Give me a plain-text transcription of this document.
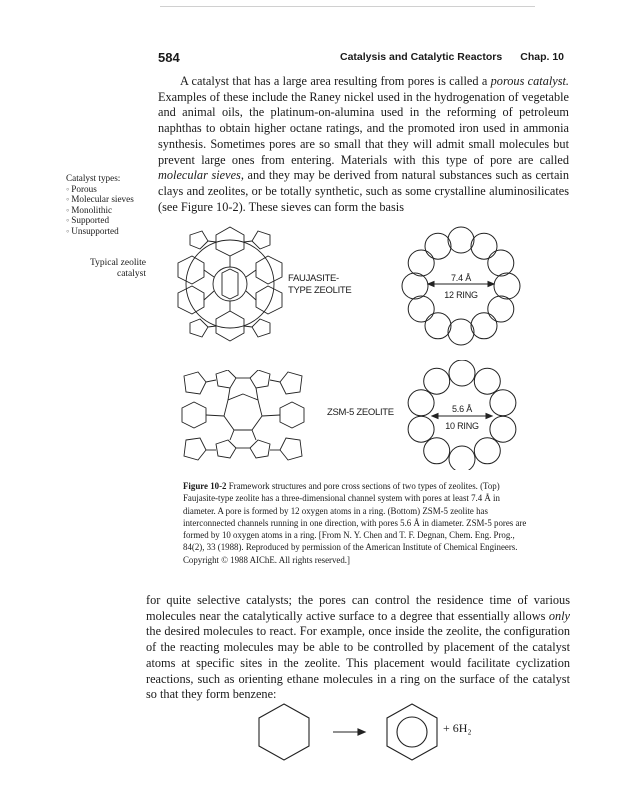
584	Catalysis and Catalytic Reactors Chap. 10
A catalyst that has a large area resulting from pores is called a porous catalyst. Examples of these include the Raney nickel used in the hydrogenation of vegetable and animal oils, the platinum-on-alumina used in the reforming of petroleum naphthas to obtain higher octane ratings, and the promoted iron used in ammonia synthesis. Sometimes pores are so small that they will admit small molecules but prevent large ones from entering. Materials with this type of pore are called molecular sieves, and they may be derived from natural substances such as certain clays and zeolites, or be totally synthetic, such as some crystalline aluminosilicates (see Figure 10-2). These sieves can form the basis
Catalyst types:
◦ Porous
◦ Molecular sieves
◦ Monolithic
◦ Supported
◦ Unsupported
Typical zeolite catalyst	FAUJASITE-TYPE ZEOLITE
7.4 Å
12 RING
ZSM-5 ZEOLITE	5.6 Å
10 RING
Figure 10-2 Framework structures and pore cross sections of two types of zeolites. (Top) Faujasite-type zeolite has a three-dimensional channel system with pores at least 7.4 Å in diameter. A pore is formed by 12 oxygen atoms in a ring. (Bottom) ZSM-5 zeolite has interconnected channels running in one direction, with pores 5.6 Å in diameter. ZSM-5 pores are formed by 10 oxygen atoms in a ring. [From N. Y. Chen and T. F. Degnan, Chem. Eng. Prog., 84(2), 33 (1988). Reproduced by permission of the American Institute of Chemical Engineers. Copyright © 1988 AIChE. All rights reserved.]
for quite selective catalysts; the pores can control the residence time of various molecules near the catalytically active surface to a degree that essentially allows only the desired molecules to react. For example, once inside the zeolite, the configuration of the reacting molecules may be able to be controlled by placement of the catalyst atoms at specific sites in the zeolite. This placement would facilitate cyclization reactions, such as orienting ethane molecules in a ring on the surface of the catalyst so that they form benzene:
+ 6H₂
